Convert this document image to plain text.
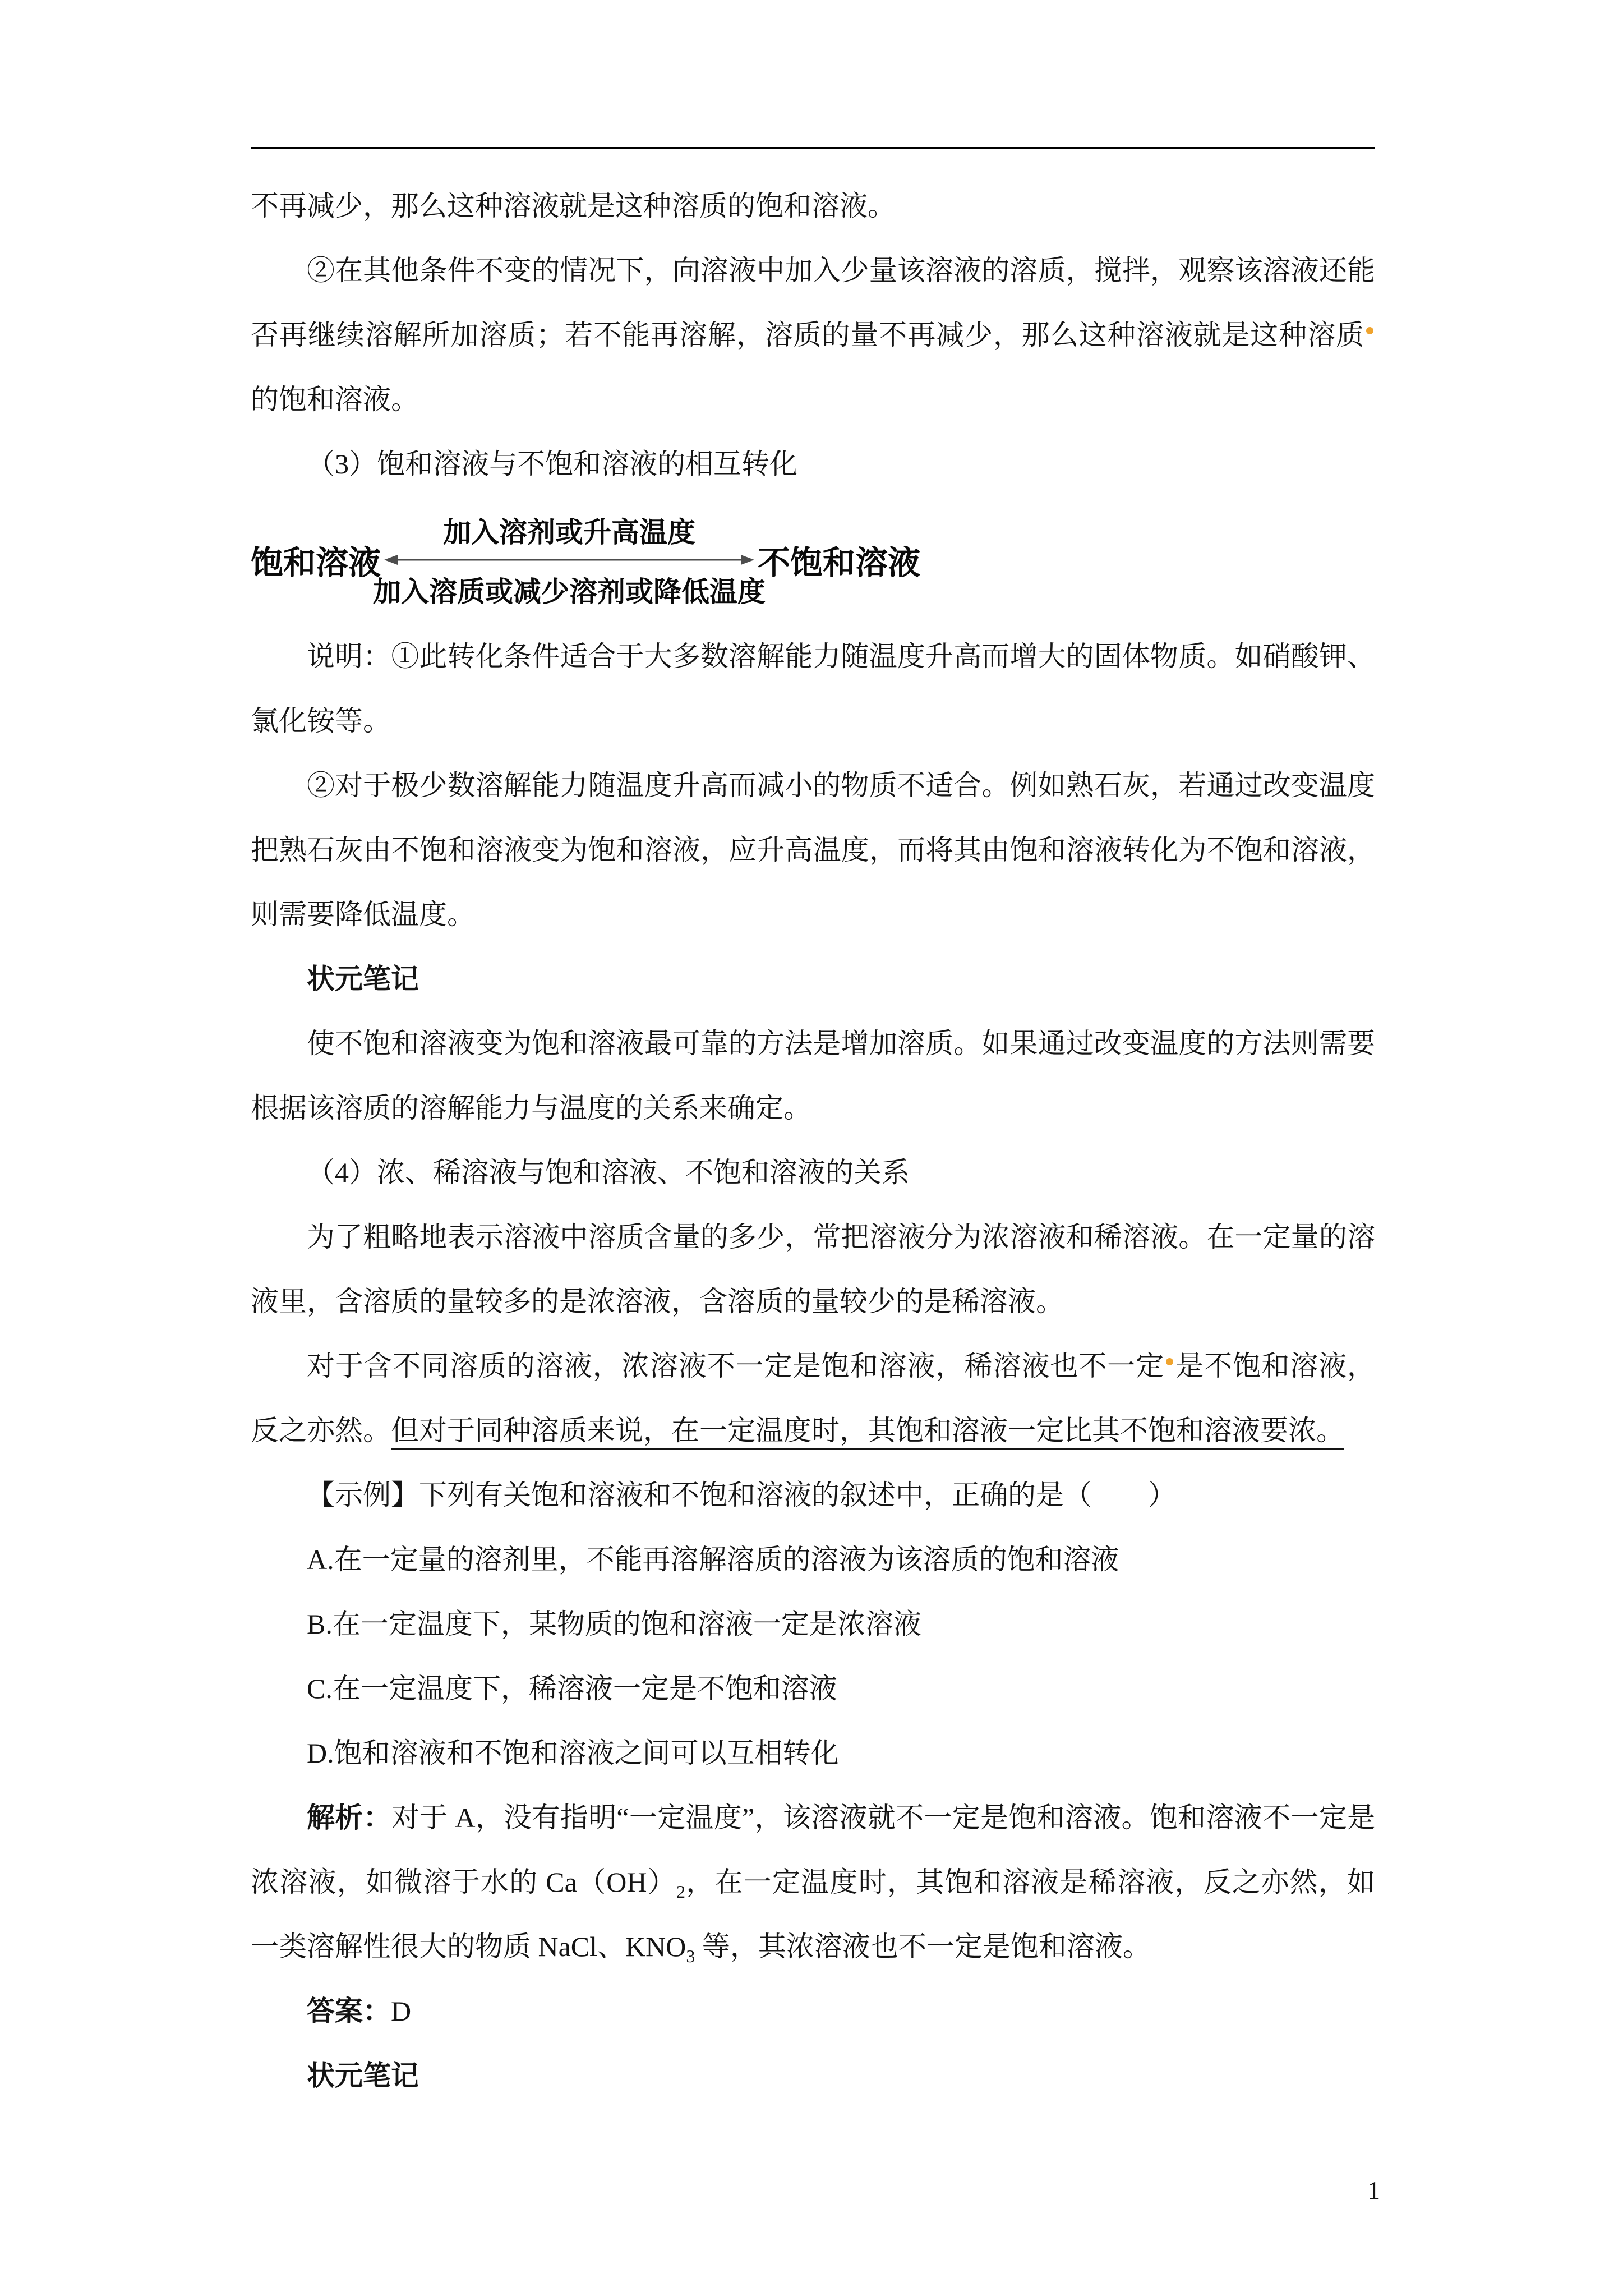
不再减少，那么这种溶液就是这种溶质的饱和溶液。

②在其他条件不变的情况下，向溶液中加入少量该溶液的溶质，搅拌，观察该溶液还能否再继续溶解所加溶质；若不能再溶解，溶质的量不再减少，那么这种溶液就是这种溶质的饱和溶液。

（3）饱和溶液与不饱和溶液的相互转化

饱和溶液
加入溶剂或升高温度
加入溶质或减少溶剂或降低温度
不饱和溶液

说明：①此转化条件适合于大多数溶解能力随温度升高而增大的固体物质。如硝酸钾、氯化铵等。

②对于极少数溶解能力随温度升高而减小的物质不适合。例如熟石灰，若通过改变温度把熟石灰由不饱和溶液变为饱和溶液，应升高温度，而将其由饱和溶液转化为不饱和溶液，则需要降低温度。

状元笔记

使不饱和溶液变为饱和溶液最可靠的方法是增加溶质。如果通过改变温度的方法则需要根据该溶质的溶解能力与温度的关系来确定。

（4）浓、稀溶液与饱和溶液、不饱和溶液的关系

为了粗略地表示溶液中溶质含量的多少，常把溶液分为浓溶液和稀溶液。在一定量的溶液里，含溶质的量较多的是浓溶液，含溶质的量较少的是稀溶液。

对于含不同溶质的溶液，浓溶液不一定是饱和溶液，稀溶液也不一定 是不饱和溶液，反之亦然。但对于同种溶质来说，在一定温度时，其饱和溶液一定比其不饱和溶液要浓。

【示例】下列有关饱和溶液和不饱和溶液的叙述中，正确的是（　　）

A.在一定量的溶剂里，不能再溶解溶质的溶液为该溶质的饱和溶液

B.在一定温度下，某物质的饱和溶液一定是浓溶液

C.在一定温度下，稀溶液一定是不饱和溶液

D.饱和溶液和不饱和溶液之间可以互相转化

解析：对于 A，没有指明“一定温度”，该溶液就不一定是饱和溶液。饱和溶液不一定是浓溶液，如微溶于水的 $Ca(OH)_2$，在一定温度时，其饱和溶液是稀溶液，反之亦然，如一类溶解性很大的物质 NaCl、$KNO_3$ 等，其浓溶液也不一定是饱和溶液。

答案：D

状元笔记

1
